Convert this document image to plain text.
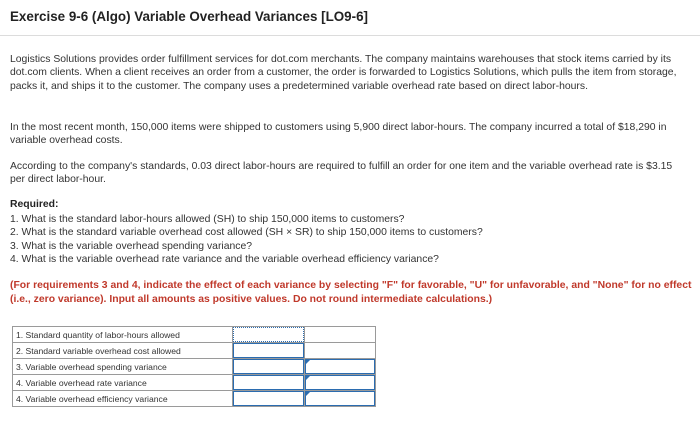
Exercise 9-6 (Algo) Variable Overhead Variances [LO9-6]

Logistics Solutions provides order fulfillment services for dot.com merchants. The company maintains warehouses that stock items carried by its dot.com clients. When a client receives an order from a customer, the order is forwarded to Logistics Solutions, which pulls the item from storage, packs it, and ships it to the customer. The company uses a predetermined variable overhead rate based on direct labor-hours.

In the most recent month, 150,000 items were shipped to customers using 5,900 direct labor-hours. The company incurred a total of $18,290 in variable overhead costs.

According to the company's standards, 0.03 direct labor-hours are required to fulfill an order for one item and the variable overhead rate is $3.15 per direct labor-hour.

Required:
1. What is the standard labor-hours allowed (SH) to ship 150,000 items to customers?
2. What is the standard variable overhead cost allowed (SH × SR) to ship 150,000 items to customers?
3. What is the variable overhead spending variance?
4. What is the variable overhead rate variance and the variable overhead efficiency variance?

(For requirements 3 and 4, indicate the effect of each variance by selecting "F" for favorable, "U" for unfavorable, and "None" for no effect (i.e., zero variance). Input all amounts as positive values. Do not round intermediate calculations.)

1. Standard quantity of labor-hours allowed	

2. Standard variable overhead cost allowed	

3. Variable overhead spending variance	

4. Variable overhead rate variance	

4. Variable overhead efficiency variance	
